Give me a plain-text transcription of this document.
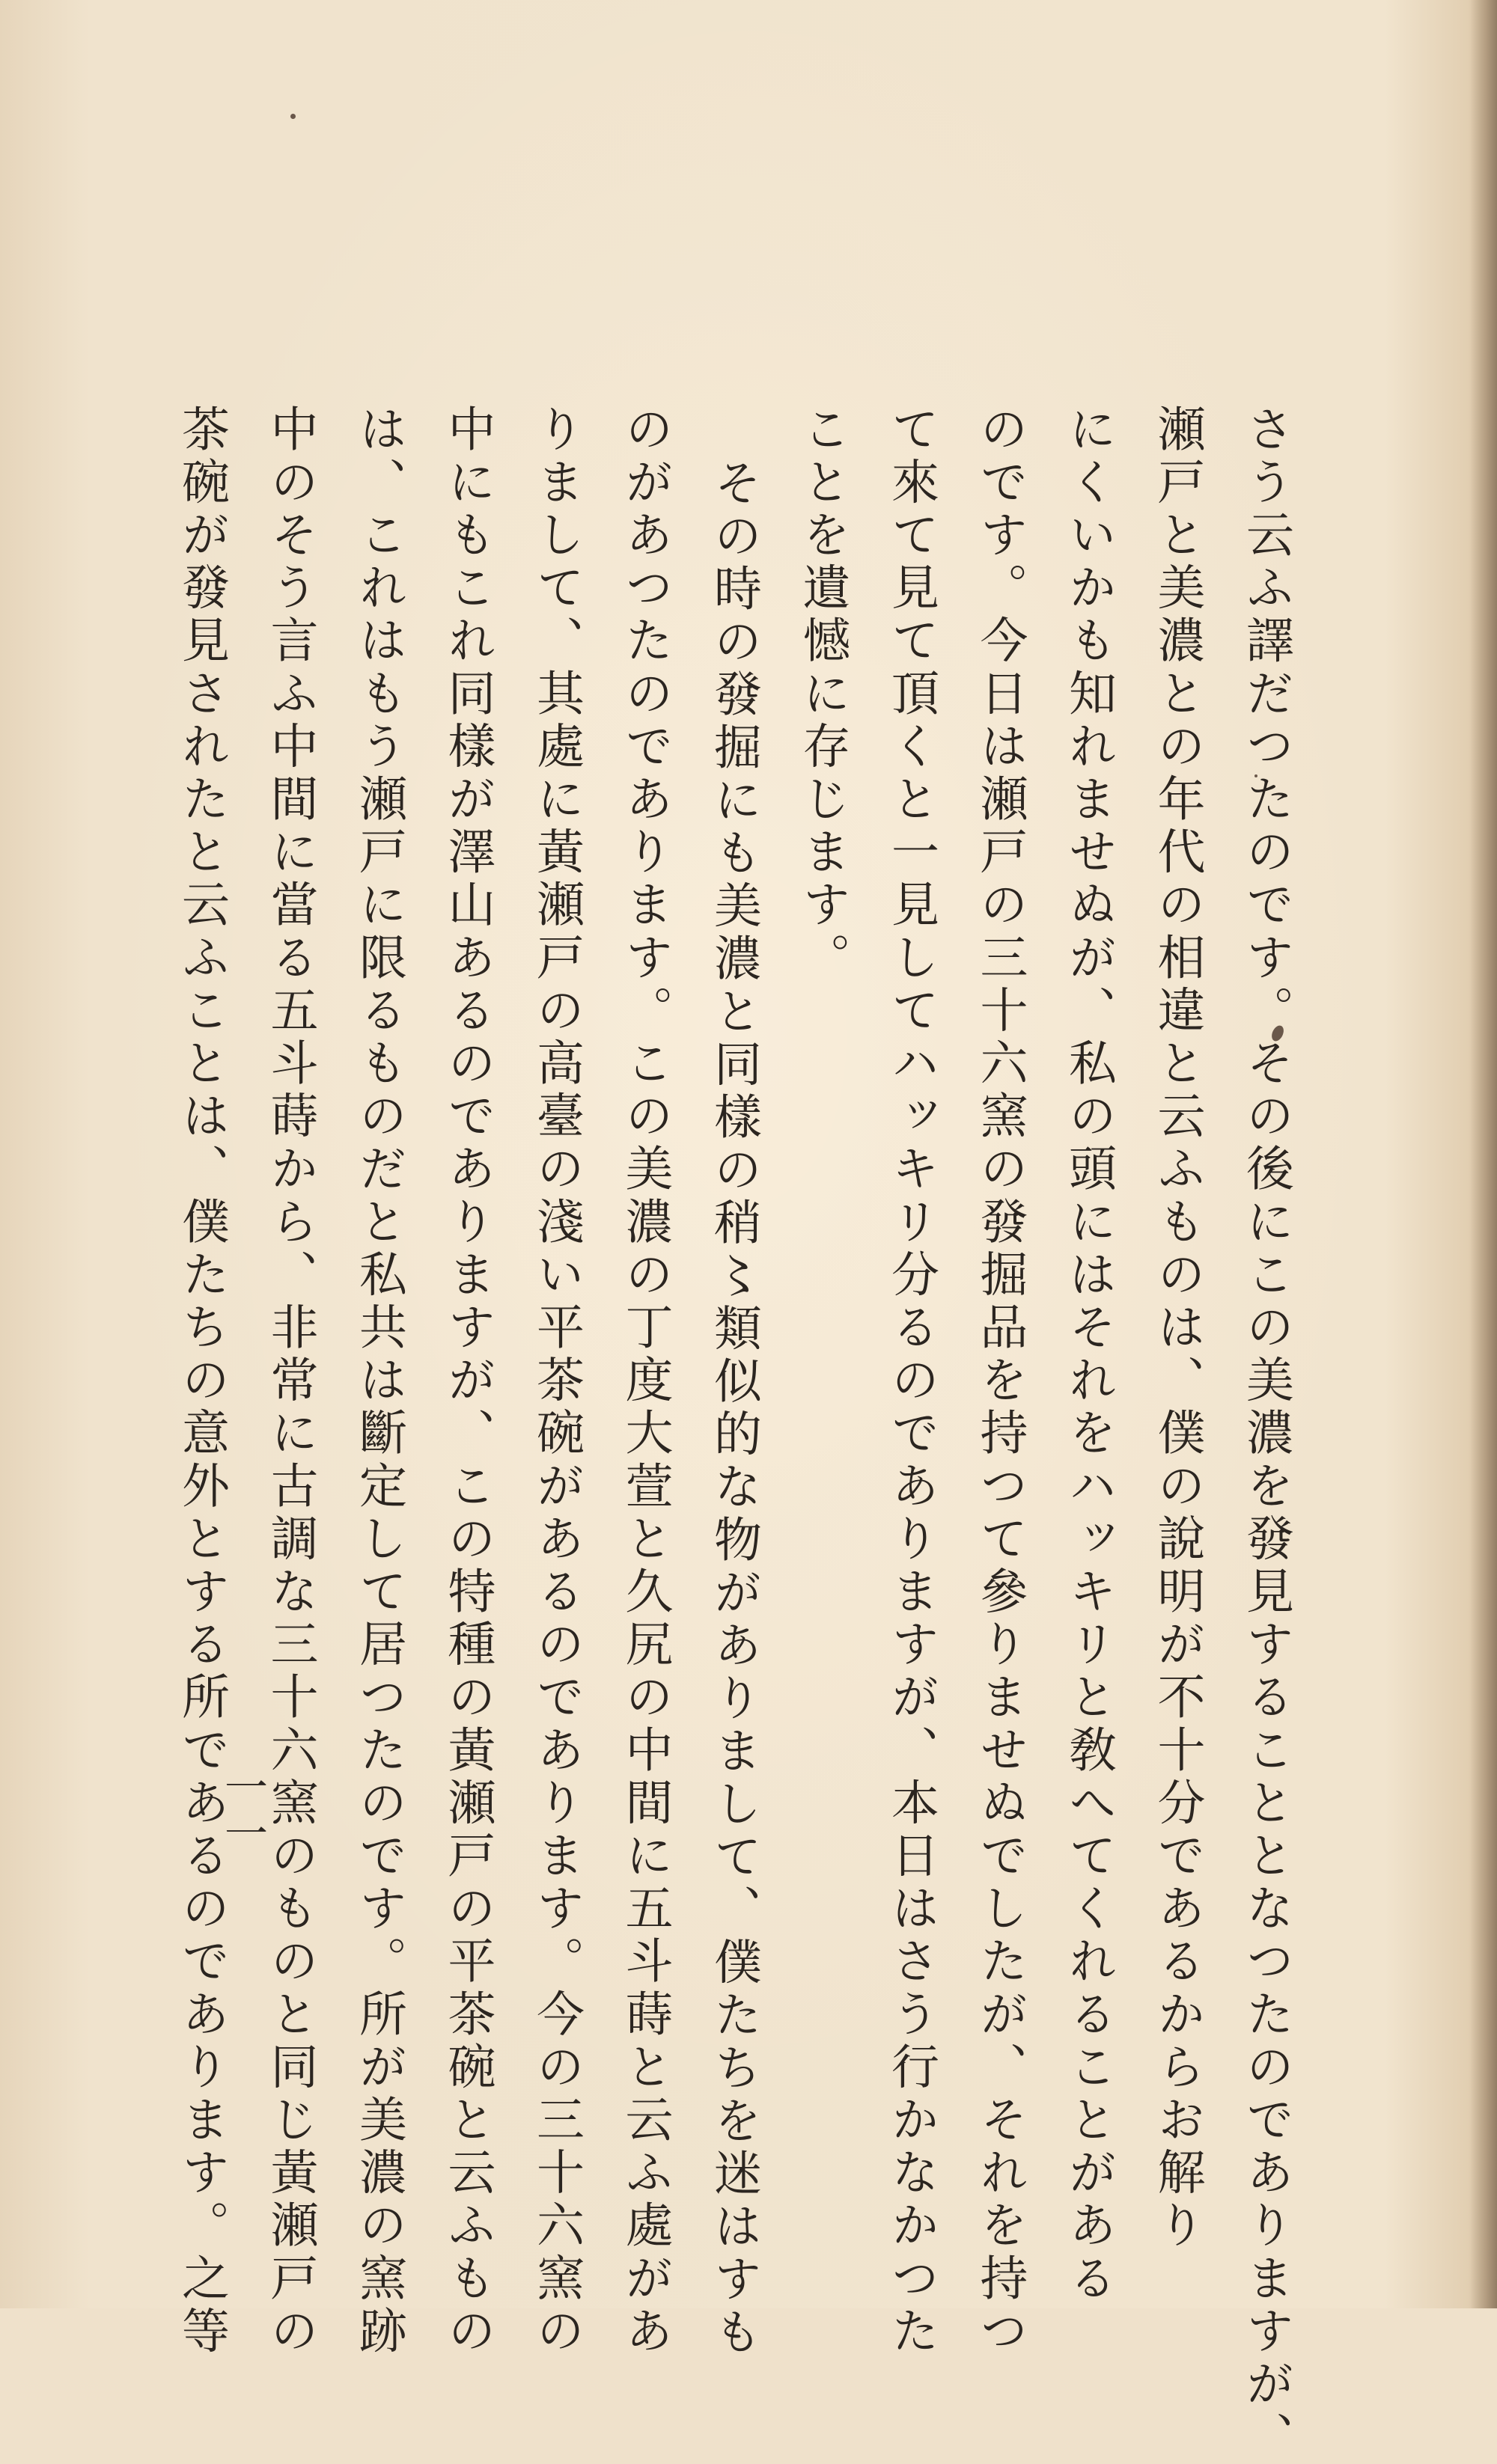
さう云ふ譯だつたのです。その後にこの美濃を發見することとなつたのでありますが、
瀬戸と美濃との年代の相違と云ふものは、僕の說明が不十分であるからお解り
にくいかも知れませぬが、私の頭にはそれをハッキリと敎へてくれることがある
のです。今日は瀬戸の三十六窯の發掘品を持つて參りませぬでしたが、それを持つ
て來て見て頂くと一見してハッキリ分るのでありますが、本日はさう行かなかつた
ことを遺憾に存じます。
その時の發掘にも美濃と同樣の稍〻類似的な物がありまして、僕たちを迷はすも
のがあつたのであります。この美濃の丁度大萱と久尻の中間に五斗蒔と云ふ處があ
りまして、其處に黃瀬戸の高臺の淺い平茶碗があるのであります。今の三十六窯の
中にもこれ同樣が澤山あるのでありますが、この特種の黃瀬戸の平茶碗と云ふもの
は、これはもう瀬戸に限るものだと私共は斷定して居つたのです。所が美濃の窯跡
中のそう言ふ中間に當る五斗蒔から、非常に古調な三十六窯のものと同じ黃瀬戸の
茶碗が發見されたと云ふことは、僕たちの意外とする所であるのであります。之等
一一
